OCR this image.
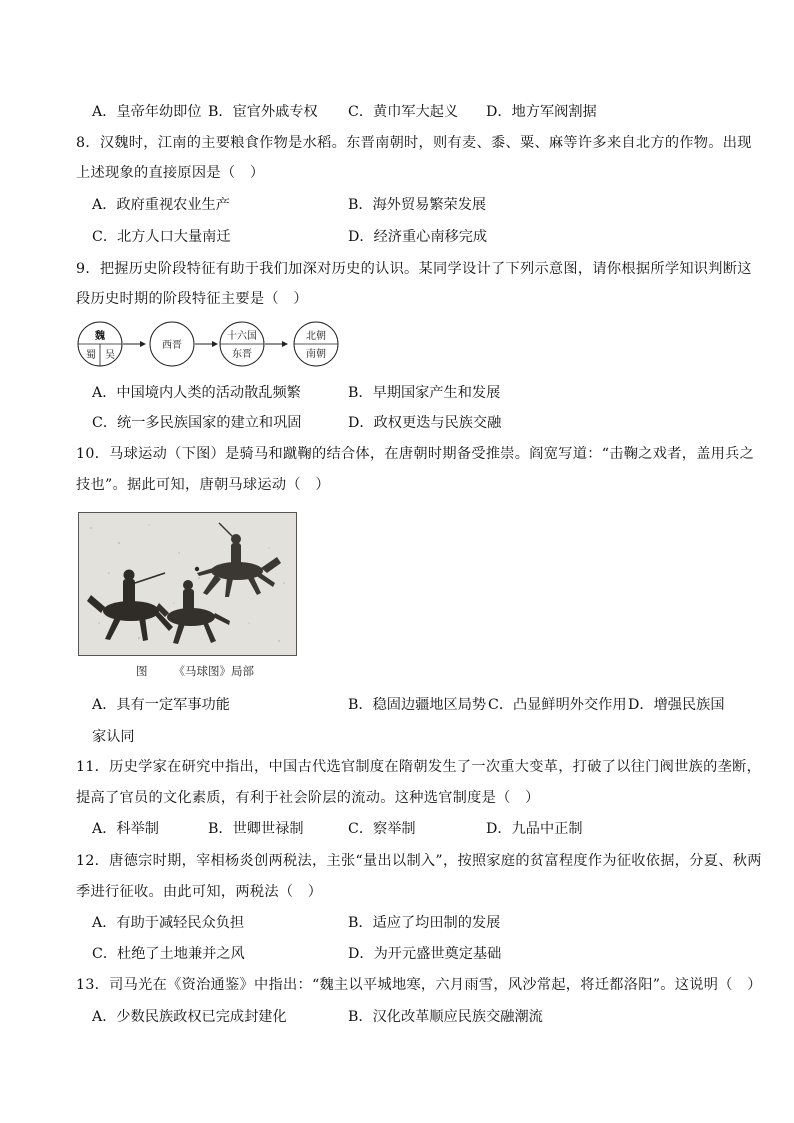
A．皇帝年幼即位 B．宦官外戚专权 C．黄巾军大起义 D．地方军阀割据
8．汉魏时，江南的主要粮食作物是水稻。东晋南朝时，则有麦、黍、粟、麻等许多来自北方的作物。出现
上述现象的直接原因是（　）
A．政府重视农业生产	B．海外贸易繁荣发展
C．北方人口大量南迁	D．经济重心南移完成
9．把握历史阶段特征有助于我们加深对历史的认识。某同学设计了下列示意图，请你根据所学知识判断这
段历史时期的阶段特征主要是（　）
魏
蜀 吴
西晋
十六国
东晋
北朝
南朝
A．中国境内人类的活动散乱频繁	B．早期国家产生和发展
C．统一多民族国家的建立和巩固	D．政权更迭与民族交融
10．马球运动（下图）是骑马和蹴鞠的结合体，在唐朝时期备受推崇。阎宽写道：“击鞠之戏者，盖用兵之
技也”。据此可知，唐朝马球运动（　）
图 《马球图》局部
A．具有一定军事功能	B．稳固边疆地区局势 C．凸显鲜明外交作用 D．增强民族国
家认同
11．历史学家在研究中指出，中国古代选官制度在隋朝发生了一次重大变革，打破了以往门阀世族的垄断，
提高了官员的文化素质，有利于社会阶层的流动。这种选官制度是（　）
A．科举制	B．世卿世禄制	C．察举制	D．九品中正制
12．唐德宗时期，宰相杨炎创两税法，主张“量出以制入”，按照家庭的贫富程度作为征收依据，分夏、秋两
季进行征收。由此可知，两税法（　）
A．有助于减轻民众负担	B．适应了均田制的发展
C．杜绝了土地兼并之风	D．为开元盛世奠定基础
13．司马光在《资治通鉴》中指出：“魏主以平城地寒，六月雨雪，风沙常起，将迁都洛阳”。这说明（　）
A．少数民族政权已完成封建化	B．汉化改革顺应民族交融潮流
